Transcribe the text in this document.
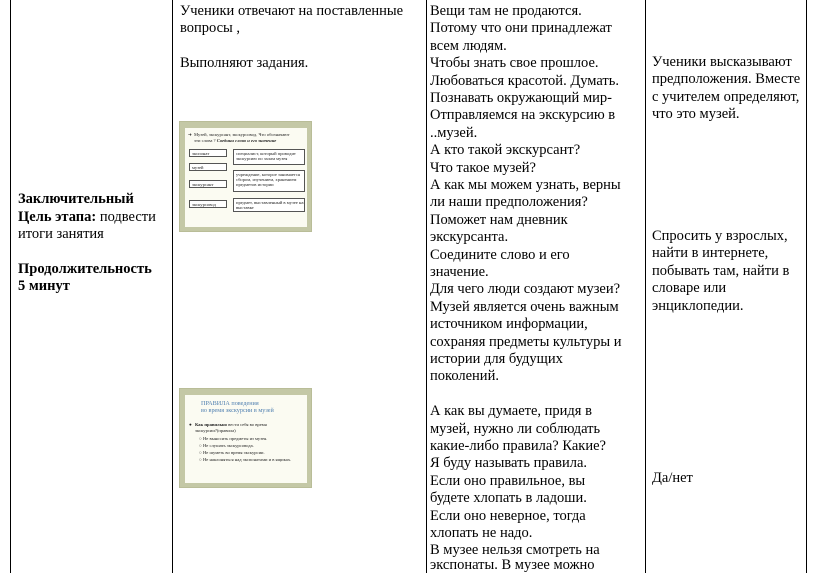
Заключительный
Цель этапа: подвести
итоги занятия
Продолжительность
5 минут
Ученики отвечают на поставленные
вопросы ,
Выполняют задания.
➜ Музей, экскурсант, экскурсовод. Что обозначают
эти слова ? Соедини слово и его значение
экспонат
музей
экскурсант
экскурсовод
специалист, который проводит экскурсию по залам музея
учреждение, которое занимается сбором, изучением, хранением предметов истории
предмет, выставленный в музее на выставке
ПРАВИЛА поведения
во время экскурсии в музей
● Как правильно вести себя во время
экскурсии?(правила)
○ Не выносить предметы из музея.
○ Не слушать экскурсовода.
○ Не шуметь во время экскурсии.
○ Не наклоняться над экспонатами и в ящиках.
Вещи там не продаются.
Потому что они принадлежат
всем людям.
Чтобы знать свое прошлое.
Любоваться красотой. Думать.
Познавать окружающий мир-
Отправляемся на экскурсию в
..музей.
А кто такой экскурсант?
Что такое музей?
А как мы можем узнать, верны
ли наши предположения?
Поможет нам дневник
экскурсанта.
Соедините слово и его
значение.
Для чего люди создают музеи?
Музей является очень важным
источником информации,
сохраняя предметы культуры и
истории для будущих
поколений.
А как вы думаете, придя в
музей, нужно ли соблюдать
какие-либо правила? Какие?
Я буду называть правила.
Если оно правильное, вы
будете хлопать в ладоши.
Если оно неверное, тогда
хлопать не надо.
В музее нельзя смотреть на
экспонаты. В музее можно
Ученики высказывают
предположения. Вместе
с учителем определяют,
что это музей.
Спросить у взрослых,
найти в интернете,
побывать там, найти в
словаре или
энциклопедии.
Да/нет
